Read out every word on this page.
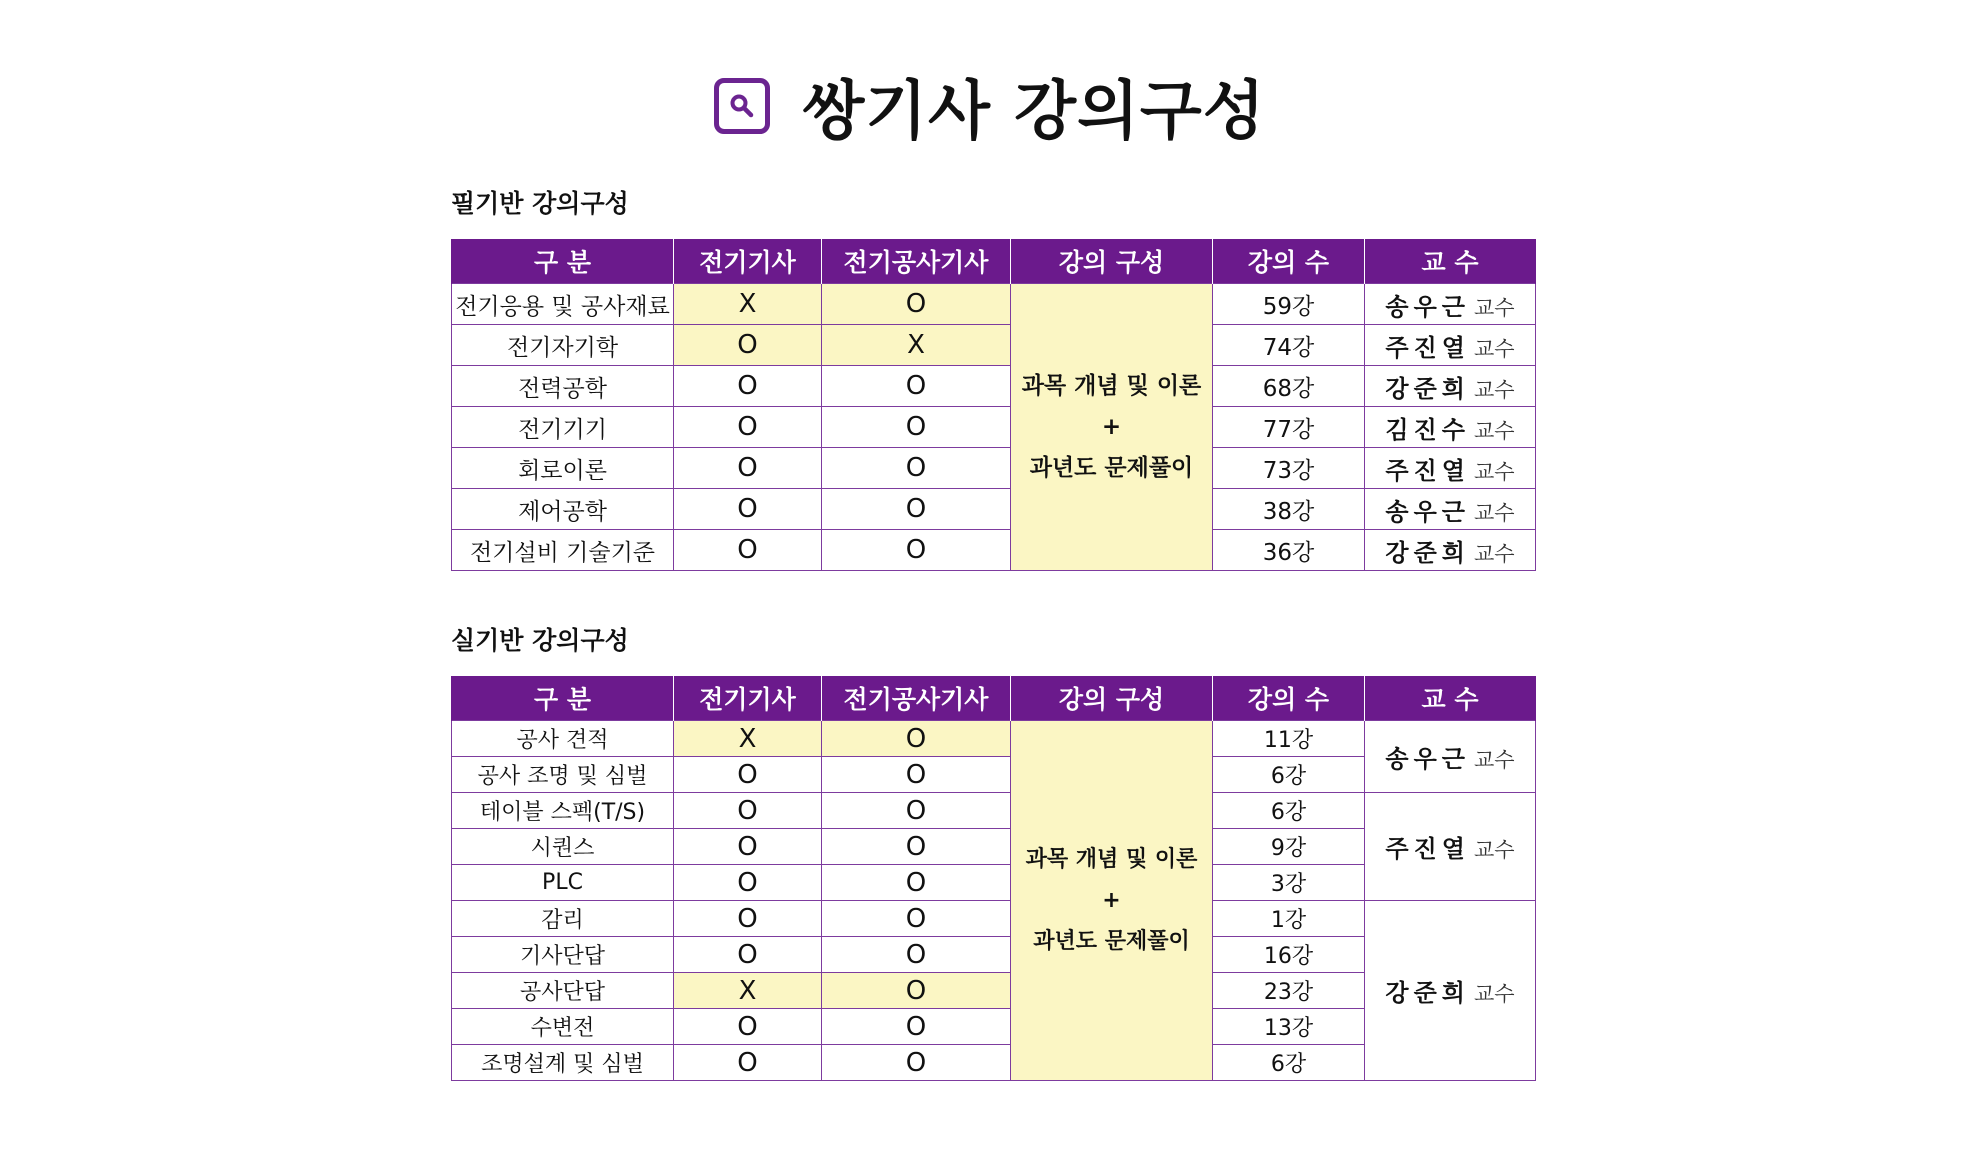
쌍기사 강의구성
필기반 강의구성
구 분	전기기사	전기공사기사	강의 구성	강의 수	교 수
전기응용 및 공사재료	X	O	과목 개념 및 이론
+
과년도 문제풀이	59강	송우근 교수
전기자기학	O	X		74강	주진열 교수
전력공학	O	O		68강	강준희 교수
전기기기	O	O		77강	김진수 교수
회로이론	O	O		73강	주진열 교수
제어공학	O	O		38강	송우근 교수
전기설비 기술기준	O	O		36강	강준희 교수
실기반 강의구성
구 분	전기기사	전기공사기사	강의 구성	강의 수	교 수
공사 견적	X	O	과목 개념 및 이론
+
과년도 문제풀이	11강	송우근 교수
공사 조명 및 심벌	O	O		6강	
테이블 스펙(T/S)	O	O		6강	주진열 교수
시퀀스	O	O		9강	
PLC	O	O		3강	
감리	O	O		1강	강준희 교수
기사단답	O	O		16강	
공사단답	X	O		23강	
수변전	O	O		13강	
조명설계 및 심벌	O	O		6강	
